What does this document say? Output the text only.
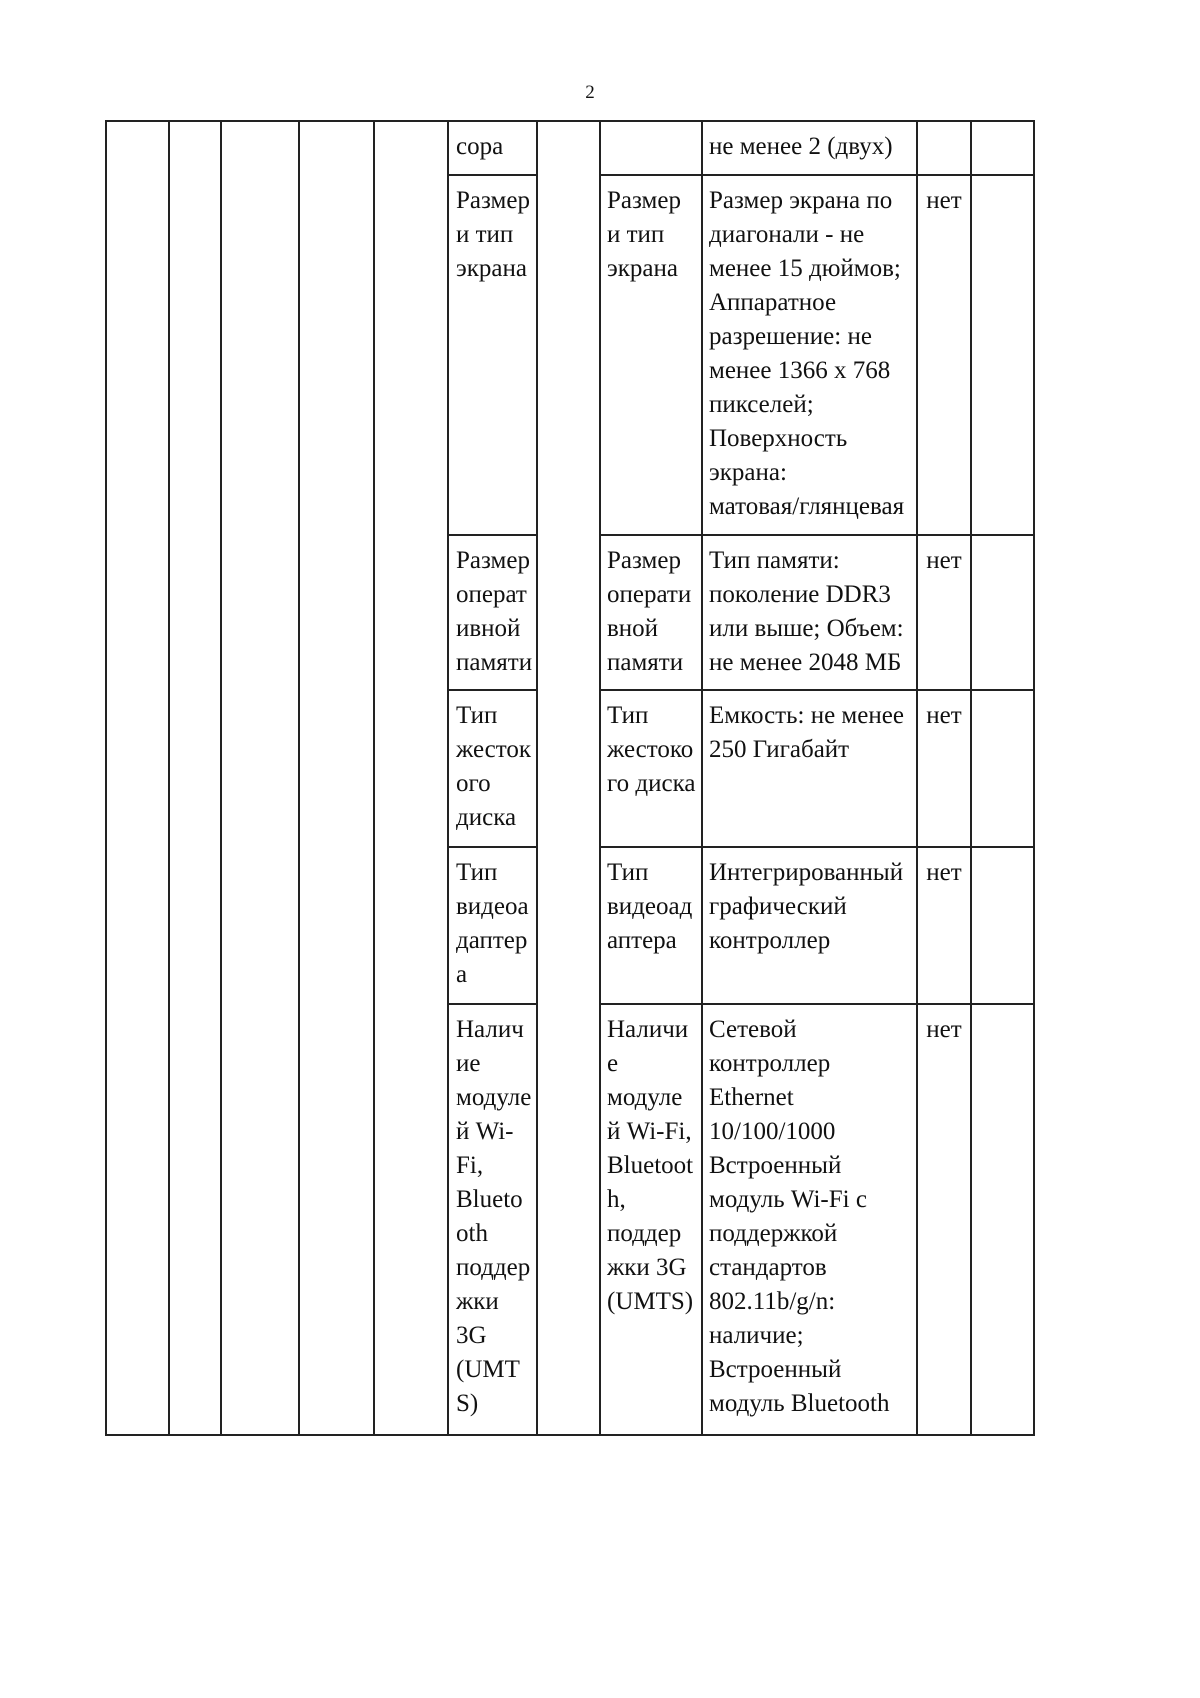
2
сора	не менее 2 (двух)
Размер
и тип
экрана
Размер
и тип
экрана
Размер экрана по
диагонали - не
менее 15 дюймов;
Аппаратное
разрешение: не
менее 1366 x 768
пикселей;
Поверхность
экрана:
матовая/глянцевая
нет
Размер
операт
ивной
памяти
Размер
операти
вной
памяти
Тип памяти:
поколение DDR3
или выше; Объем:
не менее 2048 МБ
нет
Тип
жесток
ого
диска
Тип
жестоко
го диска
Емкость: не менее
250 Гигабайт
нет
Тип
видеоа
даптер
а
Тип
видеоад
аптера
Интегрированный
графический
контроллер
нет
Налич
ие
модуле
й Wi-
Fi,
Blueto
oth
поддер
жки
3G
(UMT
S)
Наличи
е
модуле
й Wi-Fi,
Bluetoot
h,
поддер
жки 3G
(UMTS)
Сетевой
контроллер
Ethernet
10/100/1000
Встроенный
модуль Wi-Fi с
поддержкой
стандартов
802.11b/g/n:
наличие;
Встроенный
модуль Bluetooth
нет
